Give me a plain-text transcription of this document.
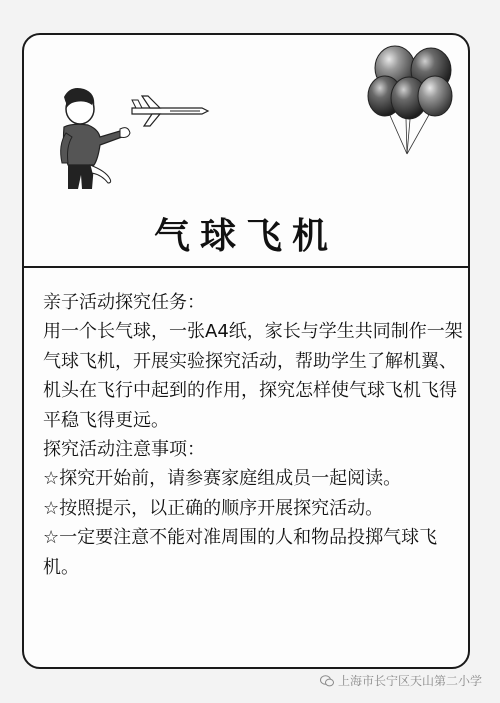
气球飞机

亲子活动探究任务：

用一个长气球，一张A4纸，家长与学生共同制作一架气球飞机，开展实验探究活动，帮助学生了解机翼、机头在飞行中起到的作用，探究怎样使气球飞机飞得平稳飞得更远。

探究活动注意事项：

☆探究开始前，请参赛家庭组成员一起阅读。

☆按照提示，以正确的顺序开展探究活动。

☆一定要注意不能对准周围的人和物品投掷气球飞机。

上海市长宁区天山第二小学
